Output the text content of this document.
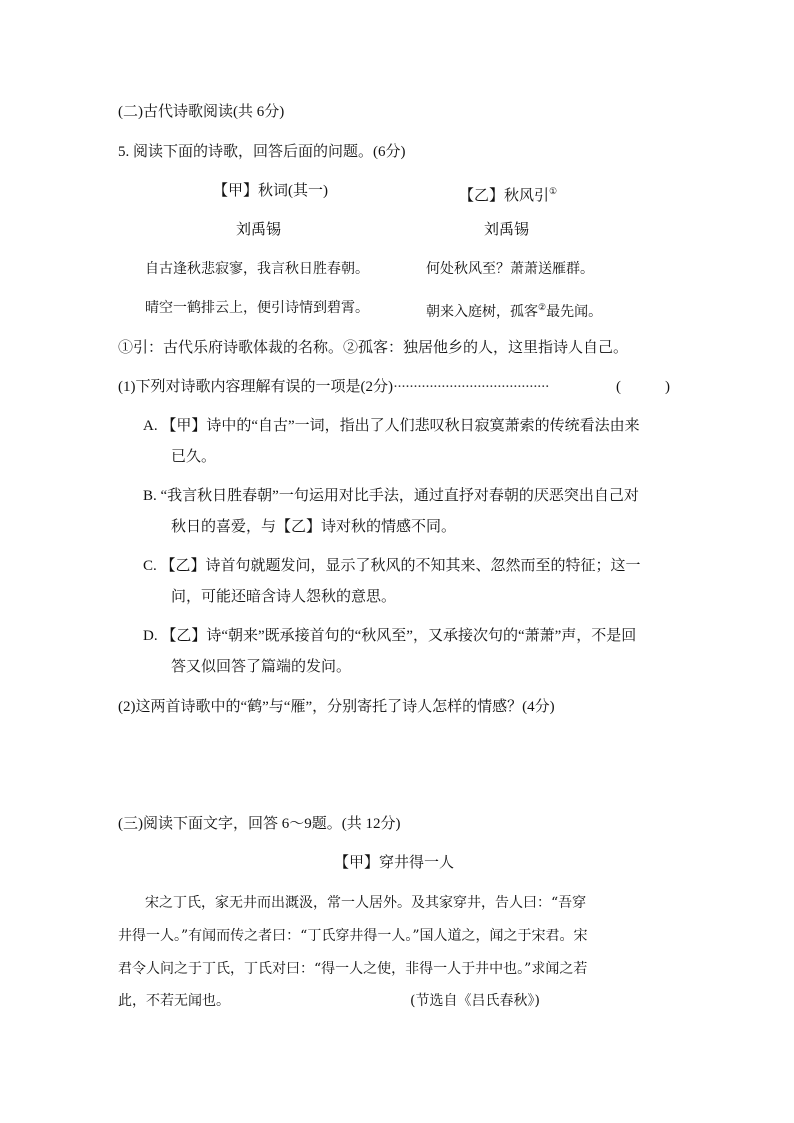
(二)古代诗歌阅读(共 6分)
5. 阅读下面的诗歌，回答后面的问题。(6分)
【甲】秋词(其一)	【乙】秋风引①
刘禹锡	刘禹锡
自古逢秋悲寂寥，我言秋日胜春朝。	何处秋风至？萧萧送雁群。
晴空一鹤排云上，便引诗情到碧霄。	朝来入庭树，孤客②最先闻。
①引：古代乐府诗歌体裁的名称。②孤客：独居他乡的人，这里指诗人自己。
(1)下列对诗歌内容理解有误的一项是(2分)·······································	(	)
A. 【甲】诗中的“自古”一词，指出了人们悲叹秋日寂寞萧索的传统看法由来
已久。
B. “我言秋日胜春朝”一句运用对比手法，通过直抒对春朝的厌恶突出自己对
秋日的喜爱，与【乙】诗对秋的情感不同。
C. 【乙】诗首句就题发问，显示了秋风的不知其来、忽然而至的特征；这一
问，可能还暗含诗人怨秋的意思。
D. 【乙】诗“朝来”既承接首句的“秋风至”，又承接次句的“萧萧”声，不是回
答又似回答了篇端的发问。
(2)这两首诗歌中的“鹤”与“雁”，分别寄托了诗人怎样的情感？(4分)
(三)阅读下面文字，回答 6～9题。(共 12分)
【甲】穿井得一人
宋之丁氏，家无井而出溉汲，常一人居外。及其家穿井，告人曰：“吾穿
井得一人。”有闻而传之者曰：“丁氏穿井得一人。”国人道之，闻之于宋君。宋
君令人问之于丁氏，丁氏对曰：“得一人之使，非得一人于井中也。”求闻之若
此，不若无闻也。	(节选自《吕氏春秋》)
